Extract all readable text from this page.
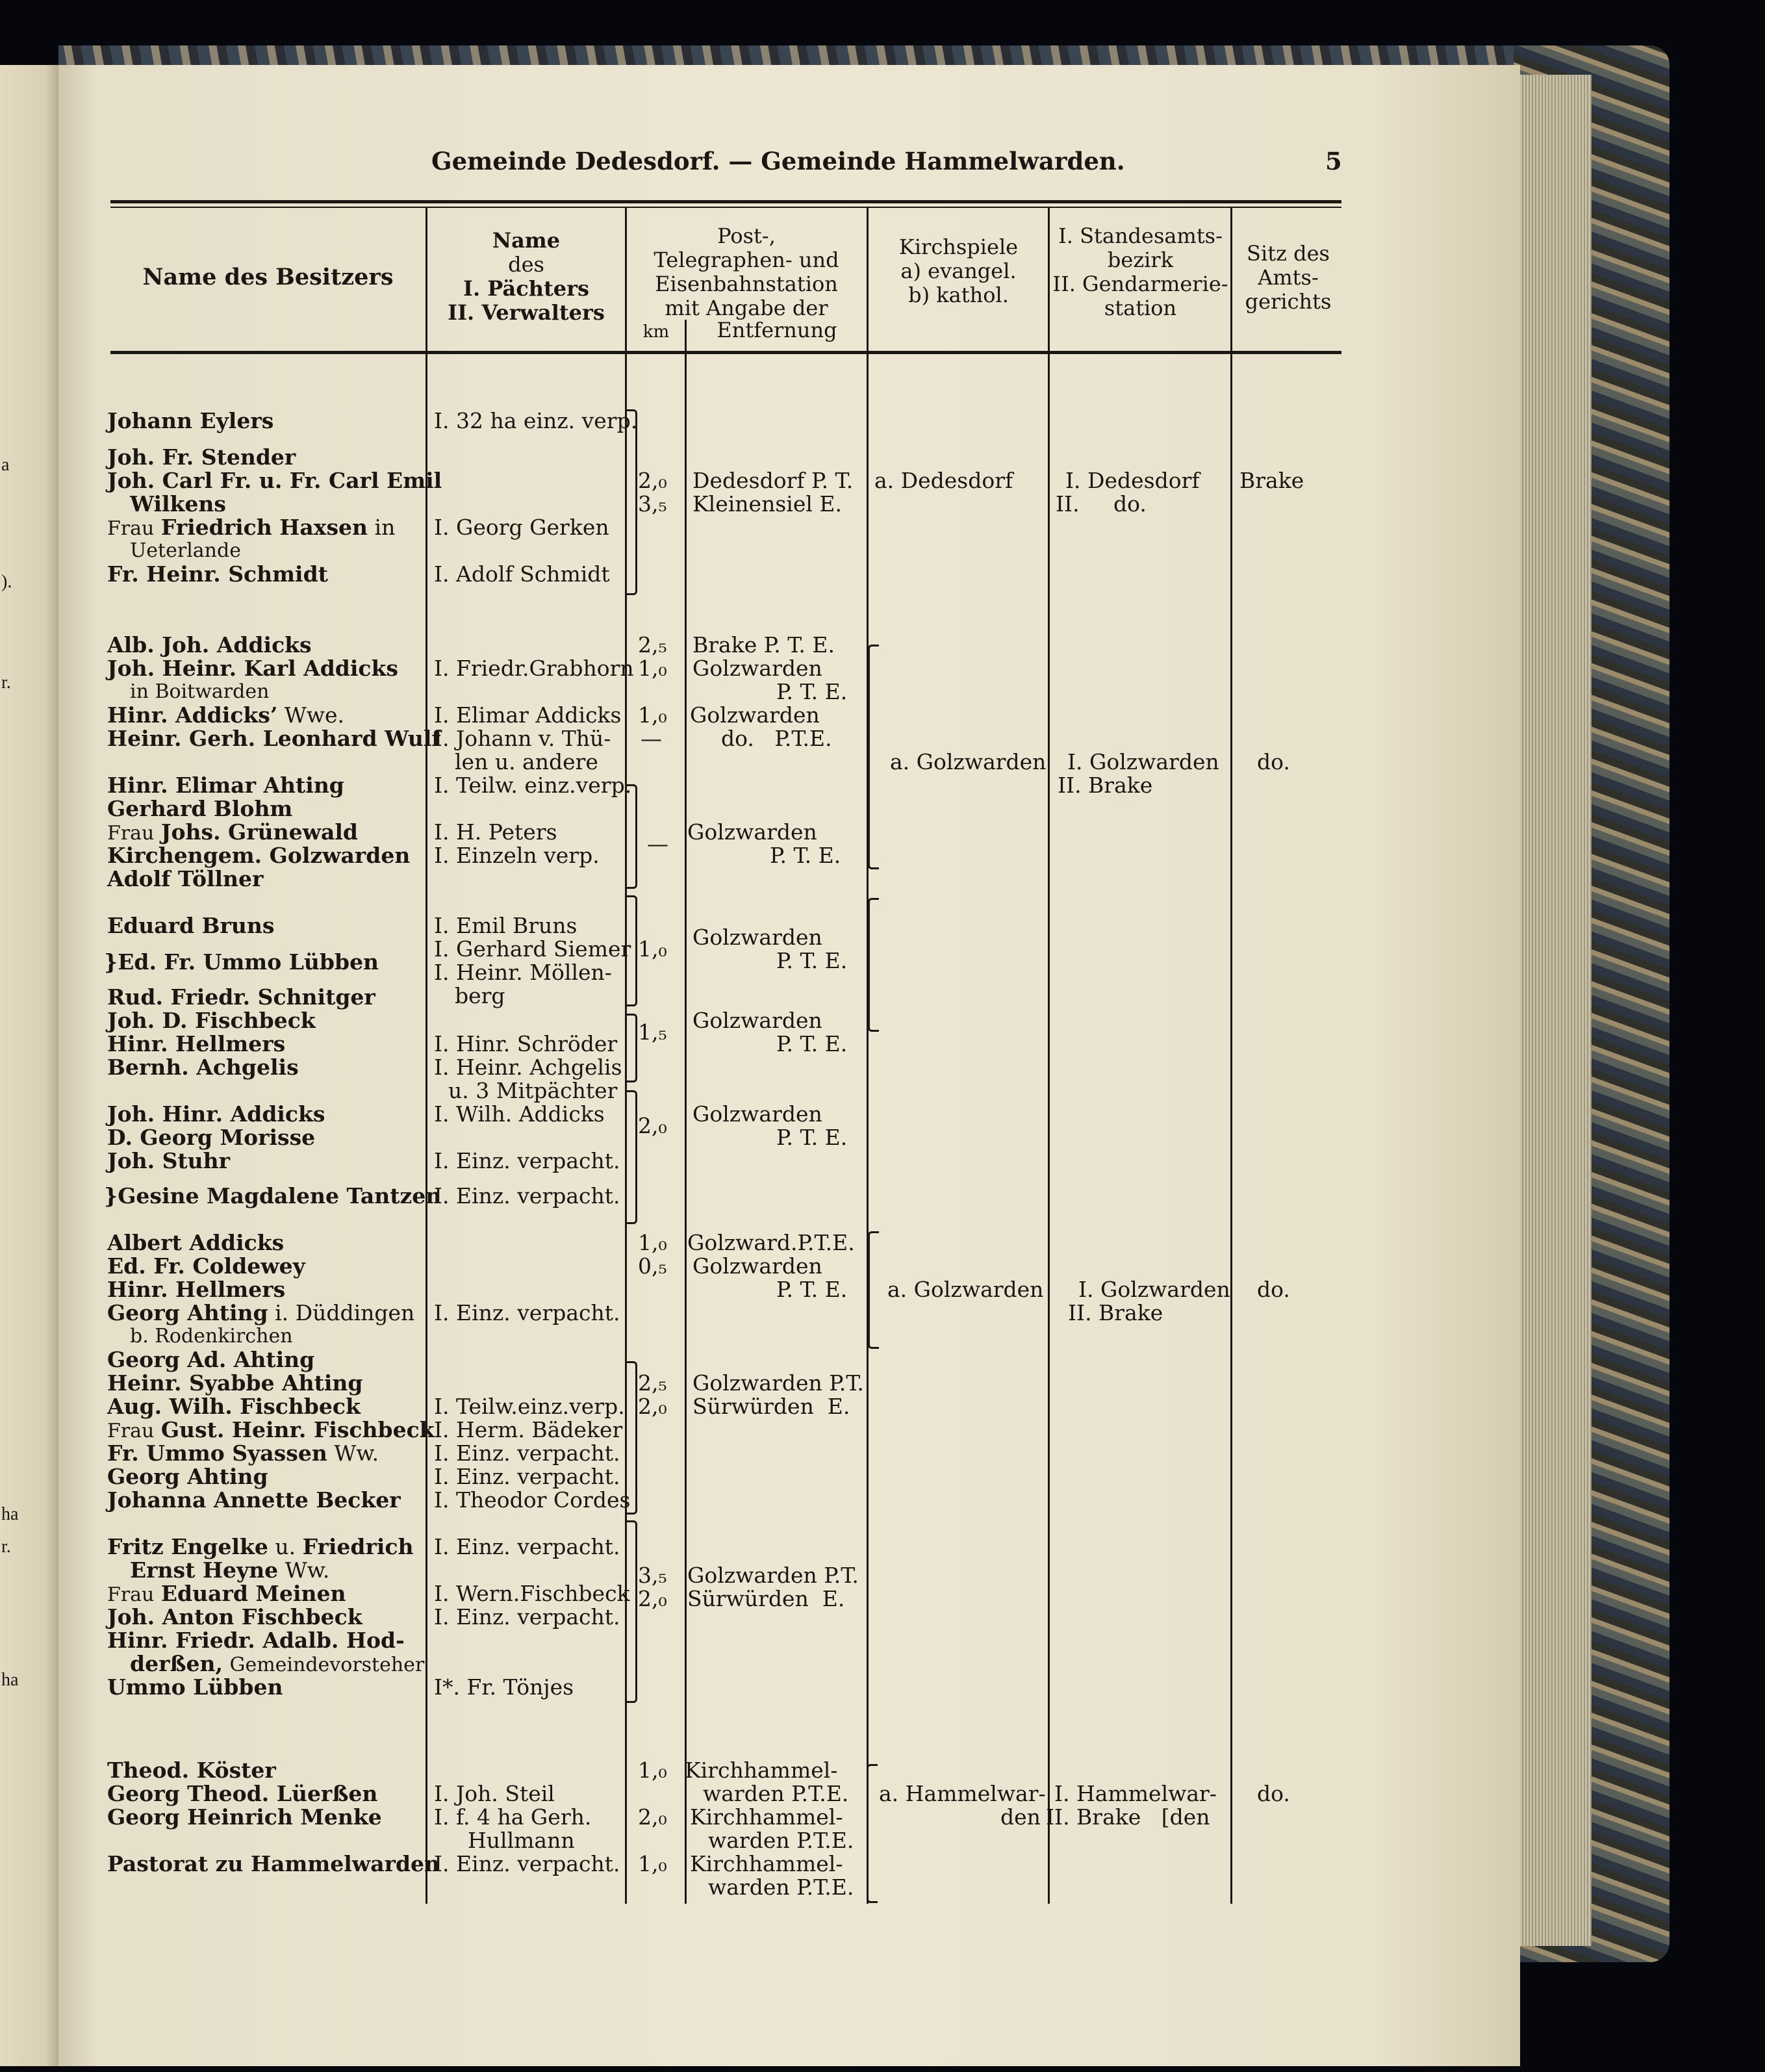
a
).
r.
ha
r.
ha
Gemeinde Dedesdorf. — Gemeinde Hammelwarden.	5
Name des Besitzers
Name
des
I. Pächters
II. Verwalters
Post-,
Telegraphen- und
Eisenbahnstation
mit Angabe der
km	Entfernung
Kirchspiele
a) evangel.
b) kathol.
I. Standesamts-
bezirk
II. Gendarmerie-
station
Sitz des
Amts-
gerichts
Johann Eylers
Joh. Fr. Stender
Joh. Carl Fr. u. Fr. Carl Emil
Wilkens
Frau Friedrich Haxsen in
Ueterlande
Fr. Heinr. Schmidt
Alb. Joh. Addicks
Joh. Heinr. Karl Addicks
in Boitwarden
Hinr. Addicks’ Wwe.
Heinr. Gerh. Leonhard Wulf
Hinr. Elimar Ahting
Gerhard Blohm
Frau Johs. Grünewald
Kirchengem. Golzwarden
Adolf Töllner
Eduard Bruns
}Ed. Fr. Ummo Lübben
Rud. Friedr. Schnitger
Joh. D. Fischbeck
Hinr. Hellmers
Bernh. Achgelis
Joh. Hinr. Addicks
D. Georg Morisse
Joh. Stuhr
}Gesine Magdalene Tantzen
Albert Addicks
Ed. Fr. Coldewey
Hinr. Hellmers
Georg Ahting i. Düddingen
b. Rodenkirchen
Georg Ad. Ahting
Heinr. Syabbe Ahting
Aug. Wilh. Fischbeck
Frau Gust. Heinr. Fischbeck
Fr. Ummo Syassen Ww.
Georg Ahting
Johanna Annette Becker
Fritz Engelke u. Friedrich
Ernst Heyne Ww.
Frau Eduard Meinen
Joh. Anton Fischbeck
Hinr. Friedr. Adalb. Hod-
derßen, Gemeindevorsteher
Ummo Lübben
Theod. Köster
Georg Theod. Lüerßen
Georg Heinrich Menke
Pastorat zu Hammelwarden
I. 32 ha einz. verp.
I. Georg Gerken
I. Adolf Schmidt
I. Friedr.Grabhorn
I. Elimar Addicks
I. Johann v. Thü-
len u. andere
I. Teilw. einz.verp.
I. H. Peters
I. Einzeln verp.
I. Emil Bruns
I. Gerhard Siemer
I. Heinr. Möllen-
berg
I. Hinr. Schröder
I. Heinr. Achgelis
u. 3 Mitpächter
I. Wilh. Addicks
I. Einz. verpacht.
I. Einz. verpacht.
I. Einz. verpacht.
I. Teilw.einz.verp.
I. Herm. Bädeker
I. Einz. verpacht.
I. Einz. verpacht.
I. Theodor Cordes
I. Einz. verpacht.
I. Wern.Fischbeck
I. Einz. verpacht.
I*. Fr. Tönjes
I. Joh. Steil
I. f. 4 ha Gerh.
Hullmann
I. Einz. verpacht.
2,₀
3,₅
2,₅
1,₀
1,₀
—
—
1,₀
1,₅
2,₀
1,₀
0,₅
2,₅
2,₀
3,₅
2,₀
1,₀
2,₀
1,₀
Dedesdorf P. T.
Kleinensiel E.
Brake P. T. E.
Golzwarden
P. T. E.
Golzwarden
do.   P.T.E.
Golzwarden
P. T. E.
Golzwarden
P. T. E.
Golzwarden
P. T. E.
Golzwarden
P. T. E.
Golzward.P.T.E.
Golzwarden
P. T. E.
Golzwarden P.T.
Sürwürden  E.
Golzwarden P.T.
Sürwürden  E.
Kirchhammel-
warden P.T.E.
Kirchhammel-
warden P.T.E.
Kirchhammel-
warden P.T.E.
a. Dedesdorf
a. Golzwarden
a. Golzwarden
a. Hammelwar-
den
I. Dedesdorf
II.     do.
I. Golzwarden
II. Brake
I. Golzwarden
II. Brake
I. Hammelwar-
II. Brake   [den
Brake
do.
do.
do.
